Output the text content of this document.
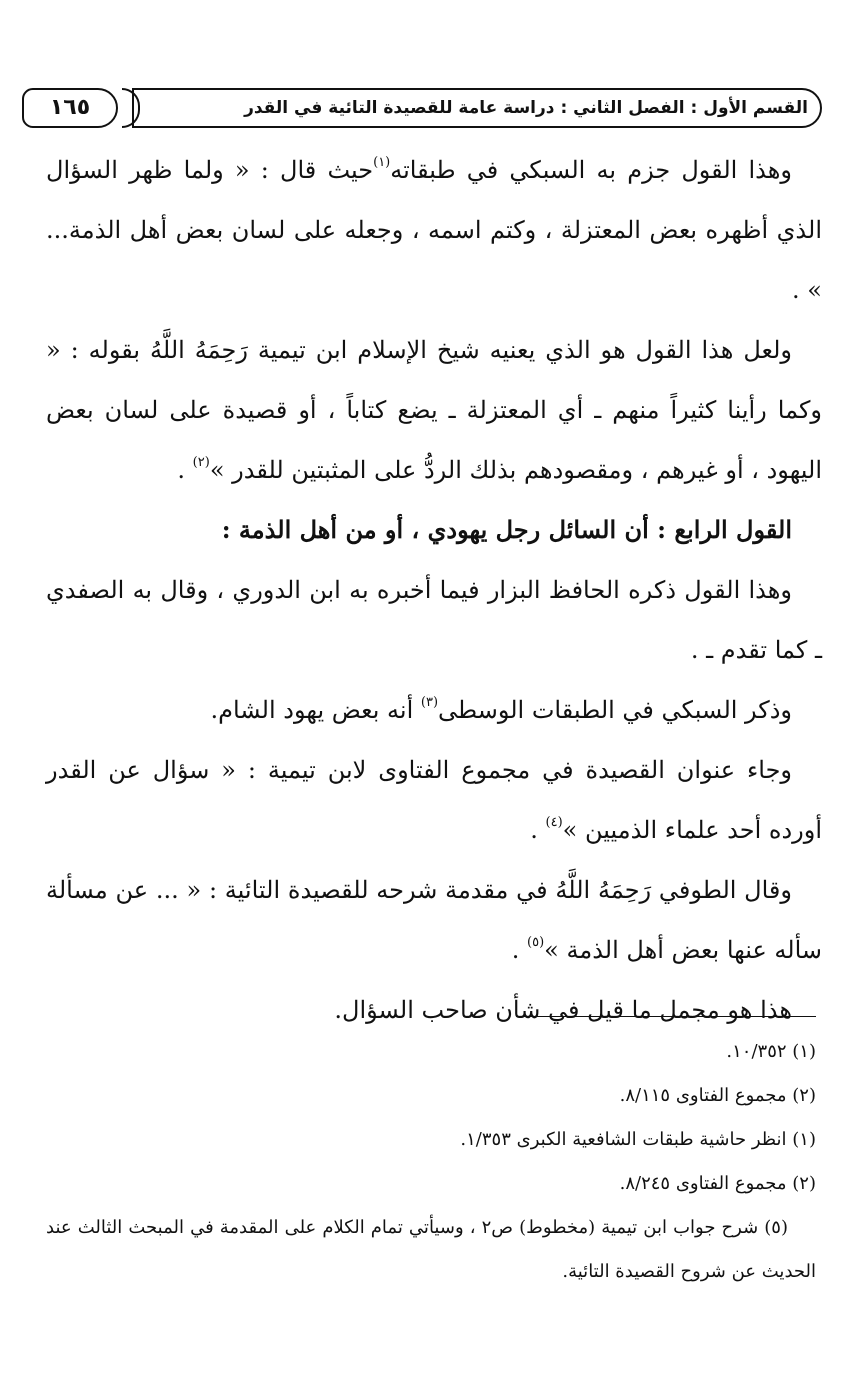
القسم الأول : الفصل الثاني : دراسة عامة للقصيدة التائية في القدر
١٦٥

وهذا القول جزم به السبكي في طبقاته$^{(١)}$حيث قال : « ولما ظهر السؤال الذي أظهره بعض المعتزلة ، وكتم اسمه ، وجعله على لسان بعض أهل الذمة... » .

ولعل هذا القول هو الذي يعنيه شيخ الإسلام ابن تيمية رَحِمَهُ اللَّهُ بقوله : « وكما رأينا كثيراً منهم ـ أي المعتزلة ـ يضع كتاباً ، أو قصيدة على لسان بعض اليهود ، أو غيرهم ، ومقصودهم بذلك الردُّ على المثبتين للقدر »$^{(٢)}$ .

القول الرابع : أن السائل رجل يهودي ، أو من أهل الذمة :

وهذا القول ذكره الحافظ البزار فيما أخبره به ابن الدوري ، وقال به الصفدي ـ كما تقدم ـ .

وذكر السبكي في الطبقات الوسطى$^{(٣)}$ أنه بعض يهود الشام.

وجاء عنوان القصيدة في مجموع الفتاوى لابن تيمية : « سؤال عن القدر أورده أحد علماء الذميين »$^{(٤)}$ .

وقال الطوفي رَحِمَهُ اللَّهُ في مقدمة شرحه للقصيدة التائية : « ... عن مسألة سأله عنها بعض أهل الذمة »$^{(٥)}$ .

هذا هو مجمل ما قيل في شأن صاحب السؤال.

(١) ١٠/٣٥٢.

(٢) مجموع الفتاوى ٨/١١٥.

(١) انظر حاشية طبقات الشافعية الكبرى ١/٣٥٣.

(٢) مجموع الفتاوى ٨/٢٤٥.

(٥) شرح جواب ابن تيمية (مخطوط) ص٢ ، وسيأتي تمام الكلام على المقدمة في المبحث الثالث عند الحديث عن شروح القصيدة التائية.
